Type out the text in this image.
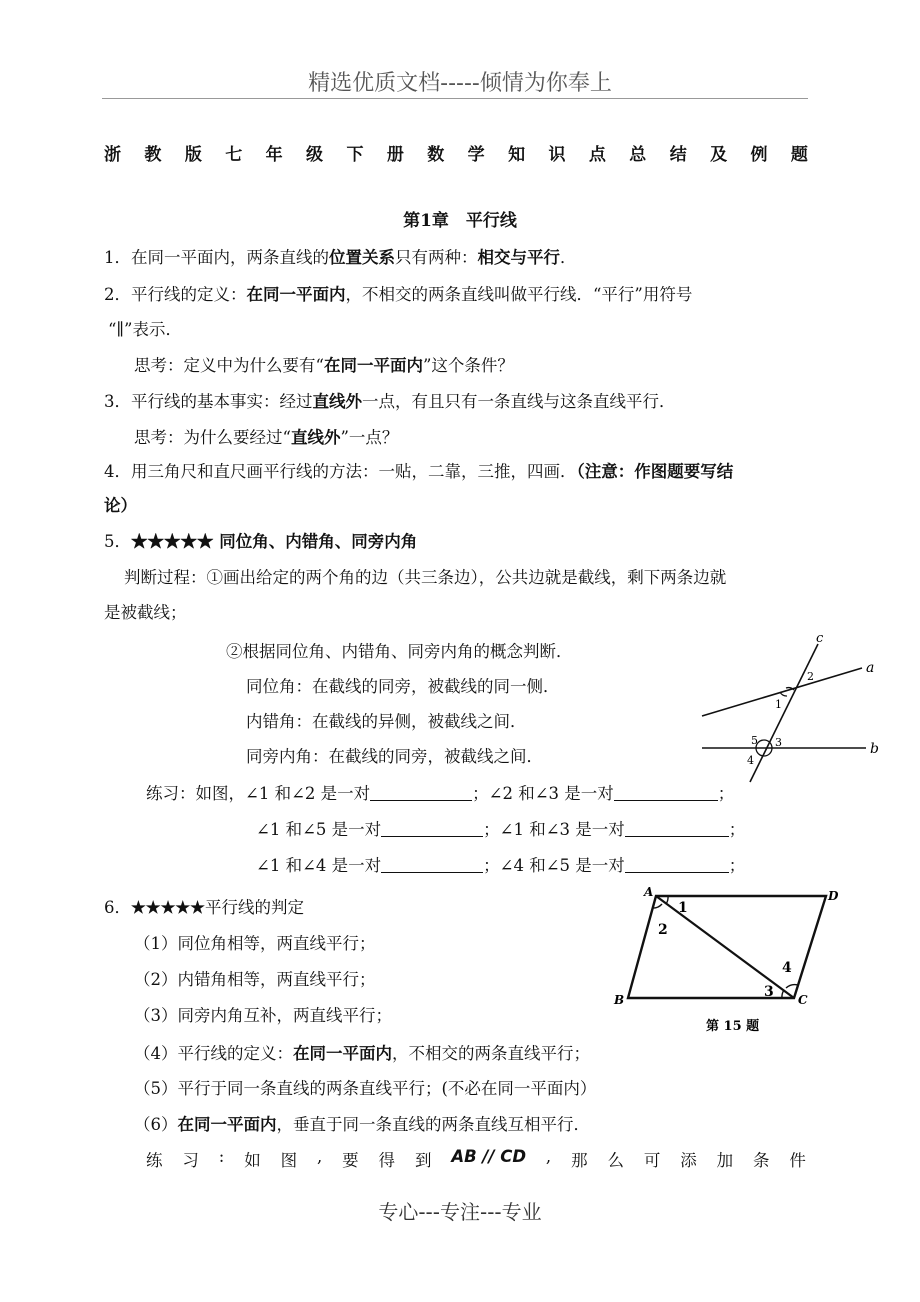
精选优质文档-----倾情为你奉上
浙 教 版 七 年 级 下 册 数 学 知 识 点 总 结 及 例 题
第1章　平行线
1．在同一平面内，两条直线的位置关系只有两种：相交与平行．
2．平行线的定义：在同一平面内，不相交的两条直线叫做平行线．“平行”用符号
“∥”表示．
思考：定义中为什么要有“在同一平面内”这个条件？
3．平行线的基本事实：经过直线外一点，有且只有一条直线与这条直线平行．
思考：为什么要经过“直线外”一点？
4．用三角尺和直尺画平行线的方法：一贴，二靠，三推，四画．（注意：作图题要写结
论）
5．★★★★★ 同位角、内错角、同旁内角
判断过程：①画出给定的两个角的边（共三条边），公共边就是截线，剩下两条边就
是被截线；
②根据同位角、内错角、同旁内角的概念判断．
同位角：在截线的同旁，被截线的同一侧．
内错角：在截线的异侧，被截线之间．
同旁内角：在截线的同旁，被截线之间．
练习：如图，∠1 和∠2 是一对	；∠2 和∠3 是一对	；
∠1 和∠5 是一对	；∠1 和∠3 是一对	；
∠1 和∠4 是一对	；∠4 和∠5 是一对	；
6．★★★★★平行线的判定
（1）同位角相等，两直线平行；
（2）内错角相等，两直线平行；
（3）同旁内角互补，两直线平行；
（4）平行线的定义：在同一平面内，不相交的两条直线平行；
（5）平行于同一条直线的两条直线平行；(不必在同一平面内）
（6）在同一平面内，垂直于同一条直线的两条直线互相平行．
练 习 : 如 图 , 要 得 到 AB // CD , 那 么 可 添 加 条 件
c
a
b
2
1
5 3
4
A	D
B	C
1
2
3
4
第 15 题
专心---专注---专业
